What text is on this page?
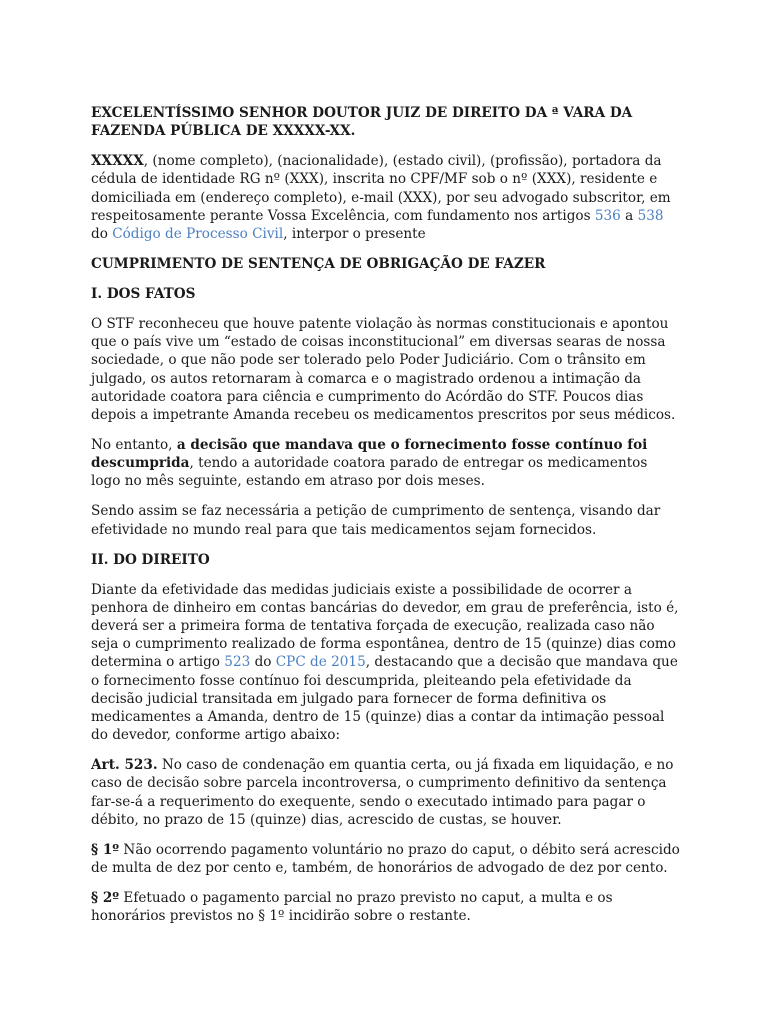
EXCELENTÍSSIMO SENHOR DOUTOR JUIZ DE DIREITO DA ª VARA DA FAZENDA PÚBLICA DE XXXXX-XX.

XXXXX, (nome completo), (nacionalidade), (estado civil), (profissão), portadora da cédula de identidade RG nº (XXX), inscrita no CPF/MF sob o nº (XXX), residente e domiciliada em (endereço completo), e-mail (XXX), por seu advogado subscritor, em respeitosamente perante Vossa Excelência, com fundamento nos artigos 536 a 538 do Código de Processo Civil, interpor o presente

CUMPRIMENTO DE SENTENÇA DE OBRIGAÇÃO DE FAZER

I. DOS FATOS

O STF reconheceu que houve patente violação às normas constitucionais e apontou que o país vive um “estado de coisas inconstitucional” em diversas searas de nossa sociedade, o que não pode ser tolerado pelo Poder Judiciário. Com o trânsito em julgado, os autos retornaram à comarca e o magistrado ordenou a intimação da autoridade coatora para ciência e cumprimento do Acórdão do STF. Poucos dias depois a impetrante Amanda recebeu os medicamentos prescritos por seus médicos.

No entanto, a decisão que mandava que o fornecimento fosse contínuo foi descumprida, tendo a autoridade coatora parado de entregar os medicamentos logo no mês seguinte, estando em atraso por dois meses.

Sendo assim se faz necessária a petição de cumprimento de sentença, visando dar efetividade no mundo real para que tais medicamentos sejam fornecidos.

II. DO DIREITO

Diante da efetividade das medidas judiciais existe a possibilidade de ocorrer a penhora de dinheiro em contas bancárias do devedor, em grau de preferência, isto é, deverá ser a primeira forma de tentativa forçada de execução, realizada caso não seja o cumprimento realizado de forma espontânea, dentro de 15 (quinze) dias como determina o artigo 523 do CPC de 2015, destacando que a decisão que mandava que o fornecimento fosse contínuo foi descumprida, pleiteando pela efetividade da decisão judicial transitada em julgado para fornecer de forma definitiva os medicamentes a Amanda, dentro de 15 (quinze) dias a contar da intimação pessoal do devedor, conforme artigo abaixo:

Art. 523. No caso de condenação em quantia certa, ou já fixada em liquidação, e no caso de decisão sobre parcela incontroversa, o cumprimento definitivo da sentença far-se-á a requerimento do exequente, sendo o executado intimado para pagar o débito, no prazo de 15 (quinze) dias, acrescido de custas, se houver.

§ 1º Não ocorrendo pagamento voluntário no prazo do caput, o débito será acrescido de multa de dez por cento e, também, de honorários de advogado de dez por cento.

§ 2º Efetuado o pagamento parcial no prazo previsto no caput, a multa e os honorários previstos no § 1º incidirão sobre o restante.
